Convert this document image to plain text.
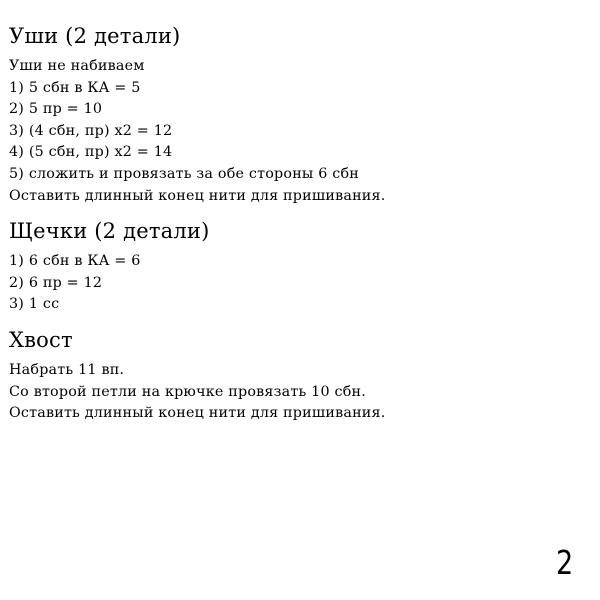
Уши (2 детали)
Уши не набиваем
1) 5 сбн в КА = 5
2) 5 пр = 10
3) (4 сбн, пр) х2 = 12
4) (5 сбн, пр) х2 = 14
5) сложить и провязать за обе стороны 6 сбн
Оставить длинный конец нити для пришивания.
Щечки (2 детали)
1) 6 сбн в КА = 6
2) 6 пр = 12
3) 1 сс
Хвост
Набрать 11 вп.
Со второй петли на крючке провязать 10 сбн.
Оставить длинный конец нити для пришивания.
2
